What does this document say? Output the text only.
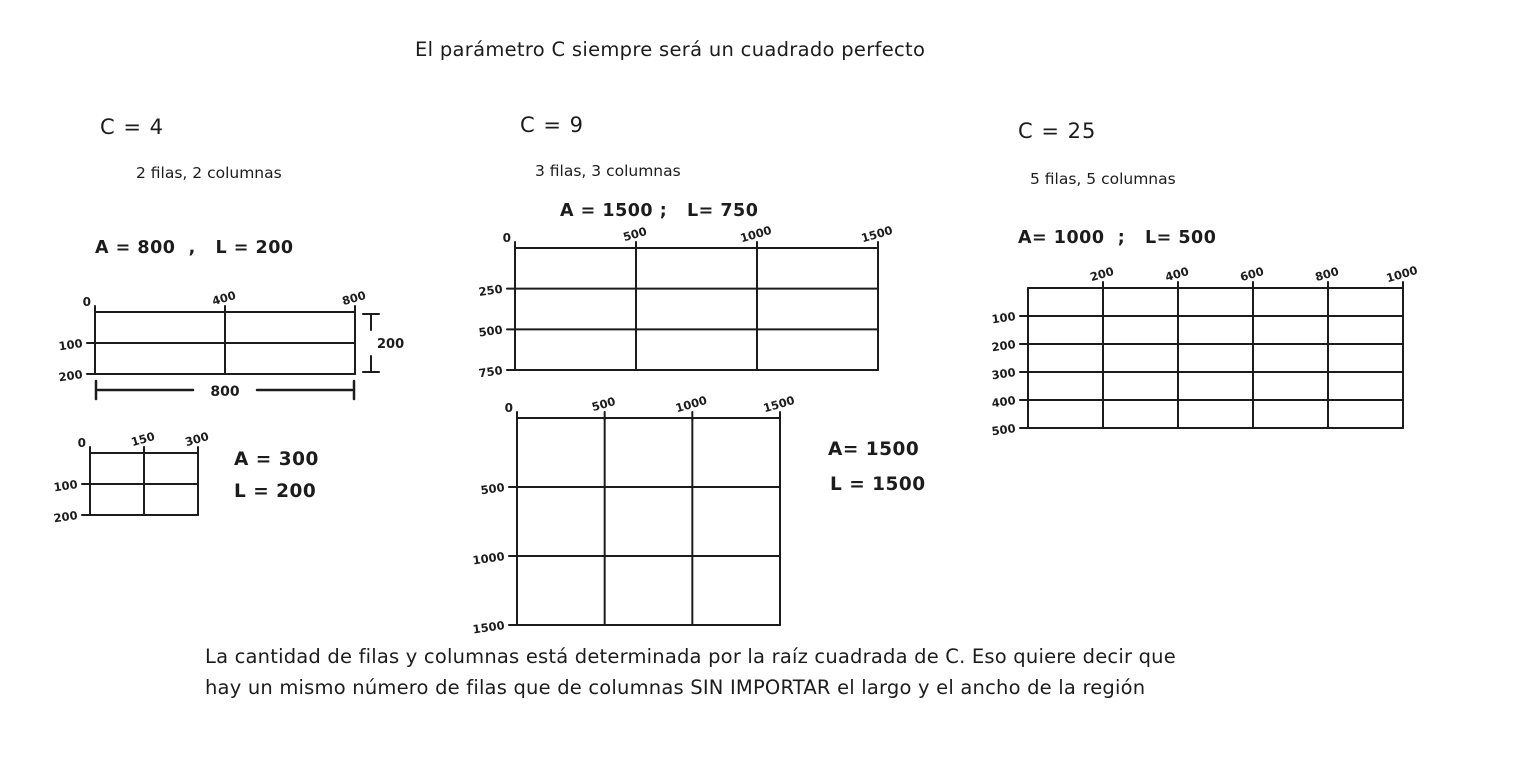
El parámetro C siempre será un cuadrado perfecto
C = 4
2 filas, 2 columnas
A = 800  ,   L = 200
0	400	800
100
200
200
800
0	150 300
100
200
A = 300
L = 200
C = 9
3 filas, 3 columnas
A = 1500 ;   L= 750
0	500	1000	1500
250
500
750
0	500	1000	1500
500
1000
1500
A= 1500
L = 1500
C = 25
5 filas, 5 columnas
A= 1000  ;   L= 500
200	400	600	800	1000
100
200
300
400
500
La cantidad de filas y columnas está determinada por la raíz cuadrada de C. Eso quiere decir que
hay un mismo número de filas que de columnas SIN IMPORTAR el largo y el ancho de la región
